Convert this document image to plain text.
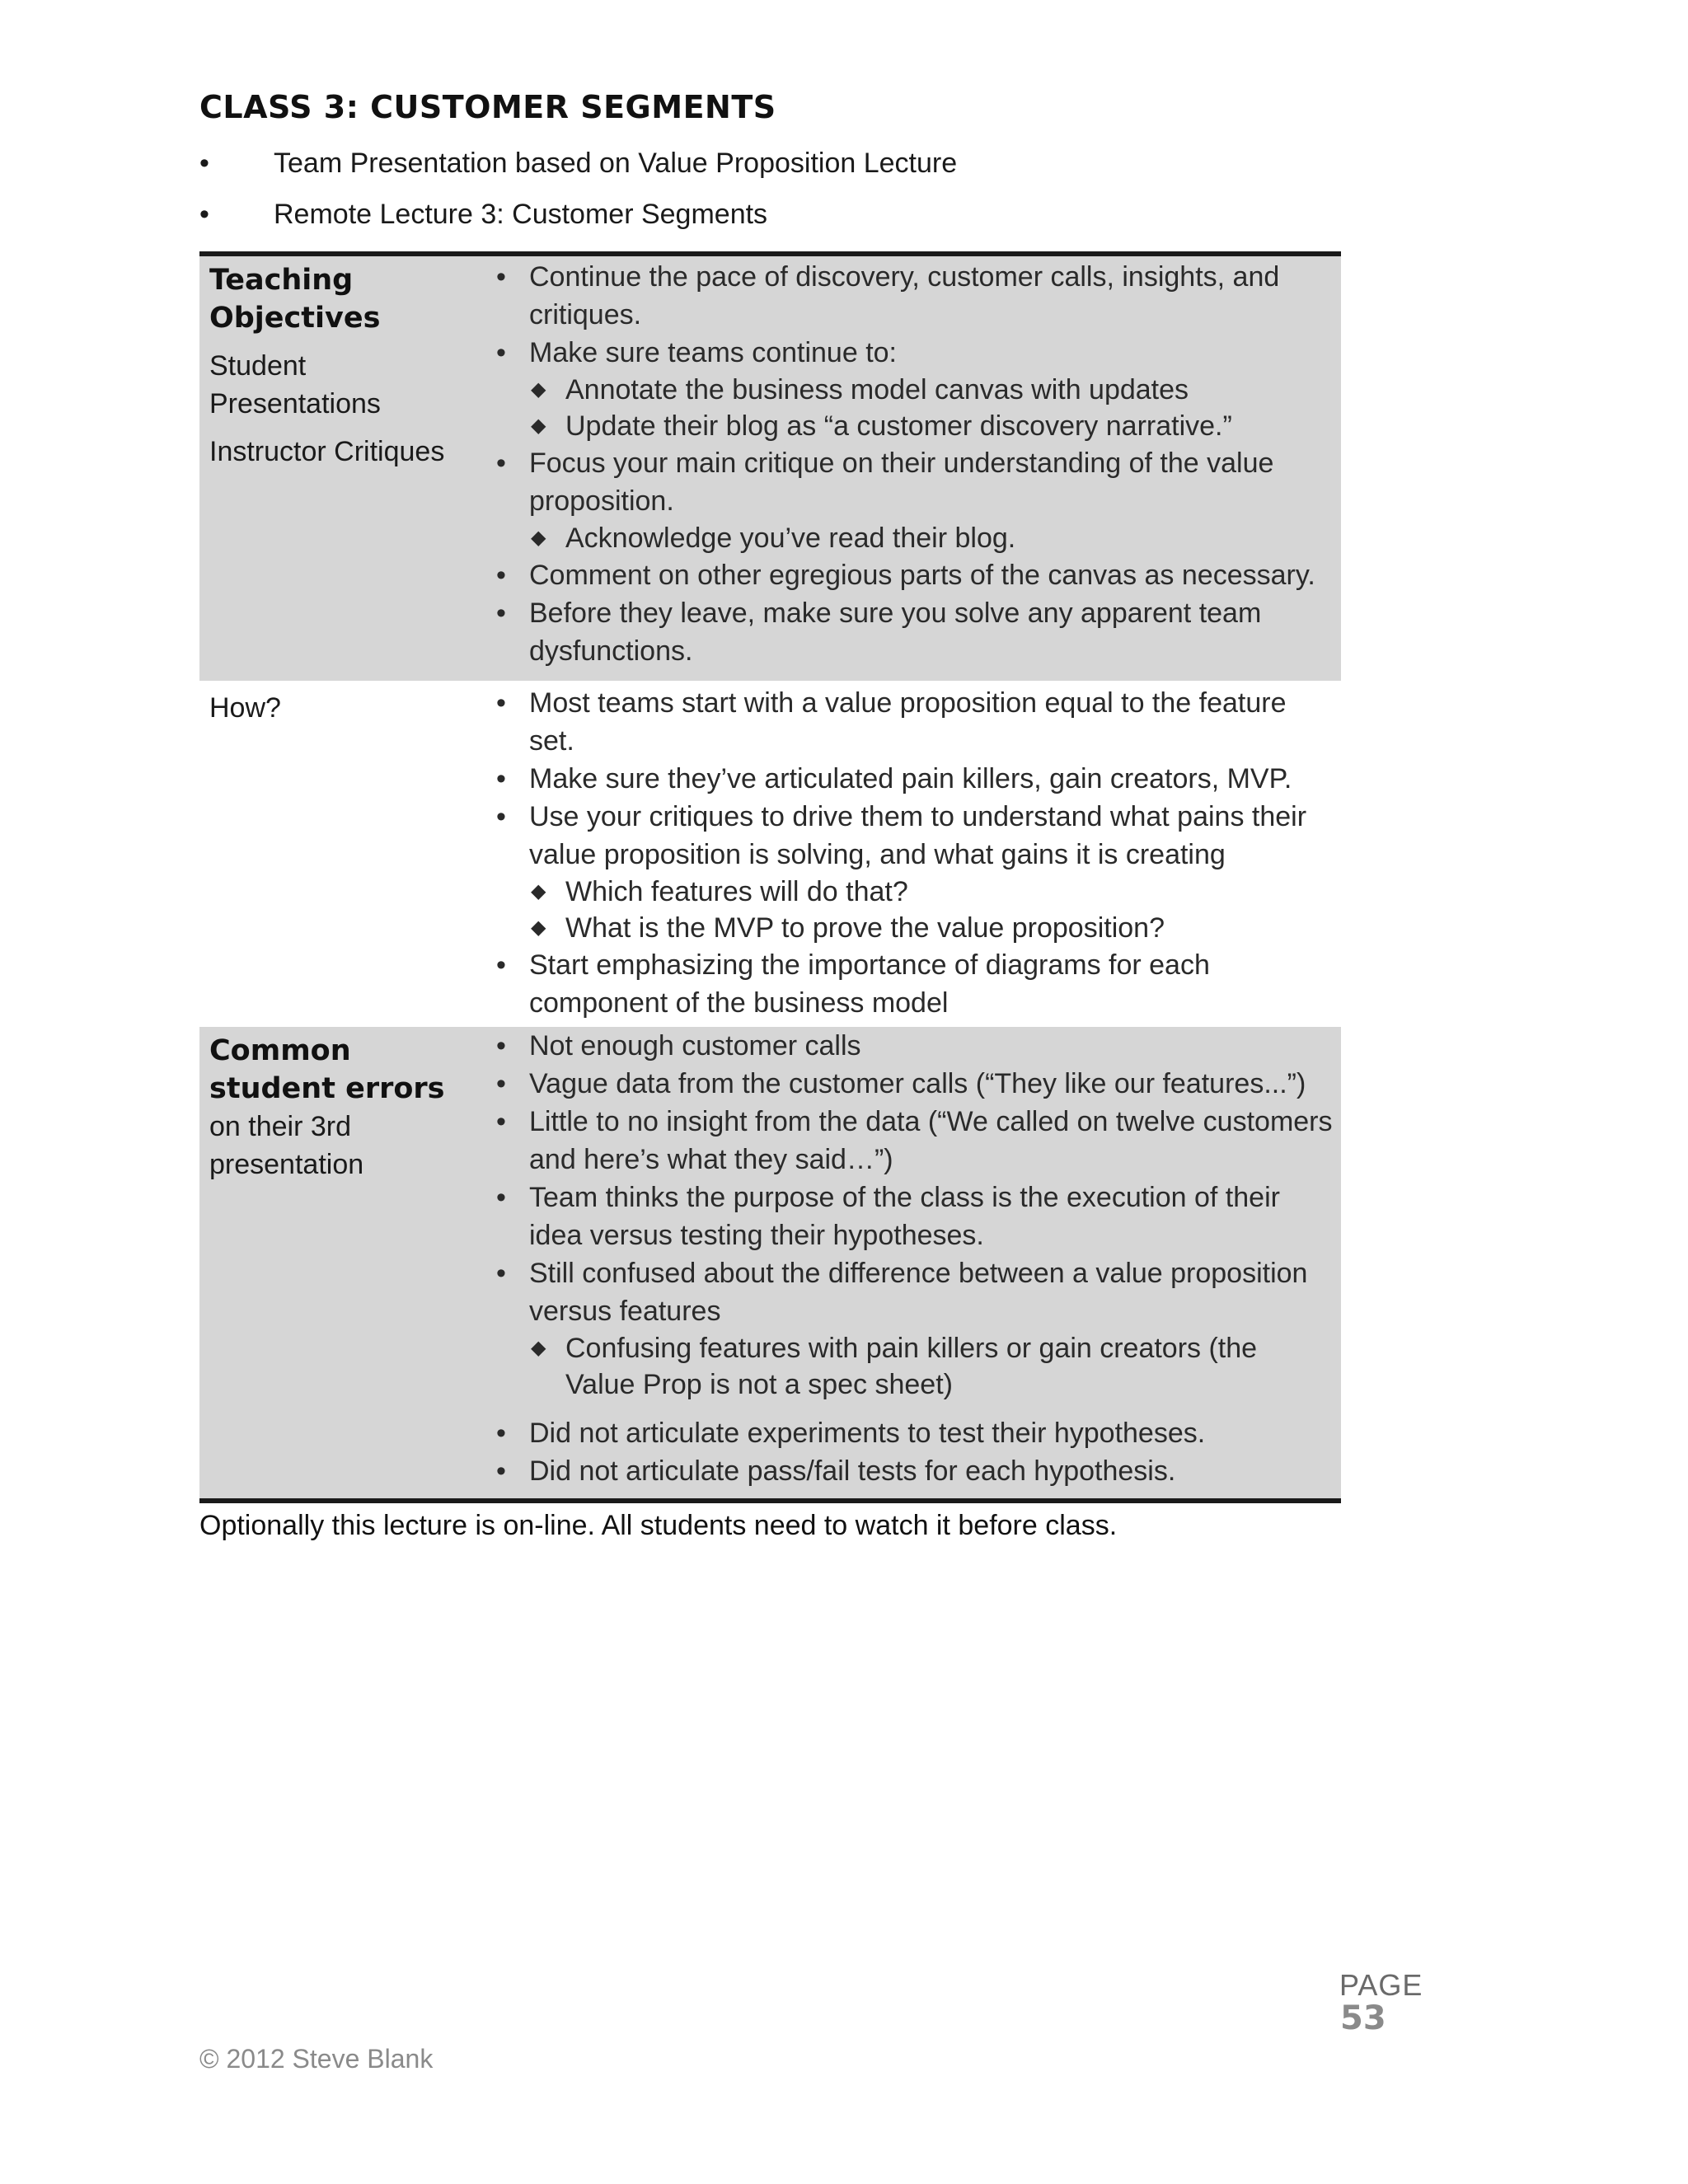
CLASS 3: CUSTOMER SEGMENTS
• Team Presentation based on Value Proposition Lecture
• Remote Lecture 3: Customer Segments
Teaching
Objectives
Student
Presentations
Instructor Critiques
• Continue the pace of discovery, customer calls, insights, and critiques.
• Make sure teams continue to:
◆ Annotate the business model canvas with updates
◆ Update their blog as “a customer discovery narrative.”
• Focus your main critique on their understanding of the value proposition.
◆ Acknowledge you’ve read their blog.
• Comment on other egregious parts of the canvas as necessary.
• Before they leave, make sure you solve any apparent team dysfunctions.
How?	• Most teams start with a value proposition equal to the feature set.
• Make sure they’ve articulated pain killers, gain creators, MVP.
• Use your critiques to drive them to understand what pains their value proposition is solving, and what gains it is creating
◆ Which features will do that?
◆ What is the MVP to prove the value proposition?
• Start emphasizing the importance of diagrams for each component of the business model
Common
student errors
on their 3rd
presentation
• Not enough customer calls
• Vague data from the customer calls (“They like our features...”)
• Little to no insight from the data (“We called on twelve customers and here’s what they said…”)
• Team thinks the purpose of the class is the execution of their idea versus testing their hypotheses.
• Still confused about the difference between a value proposition versus features
◆ Confusing features with pain killers or gain creators (the Value Prop is not a spec sheet)
• Did not articulate experiments to test their hypotheses.
• Did not articulate pass/fail tests for each hypothesis.
Optionally this lecture is on-line. All students need to watch it before class.
PAGE
53
© 2012 Steve Blank
